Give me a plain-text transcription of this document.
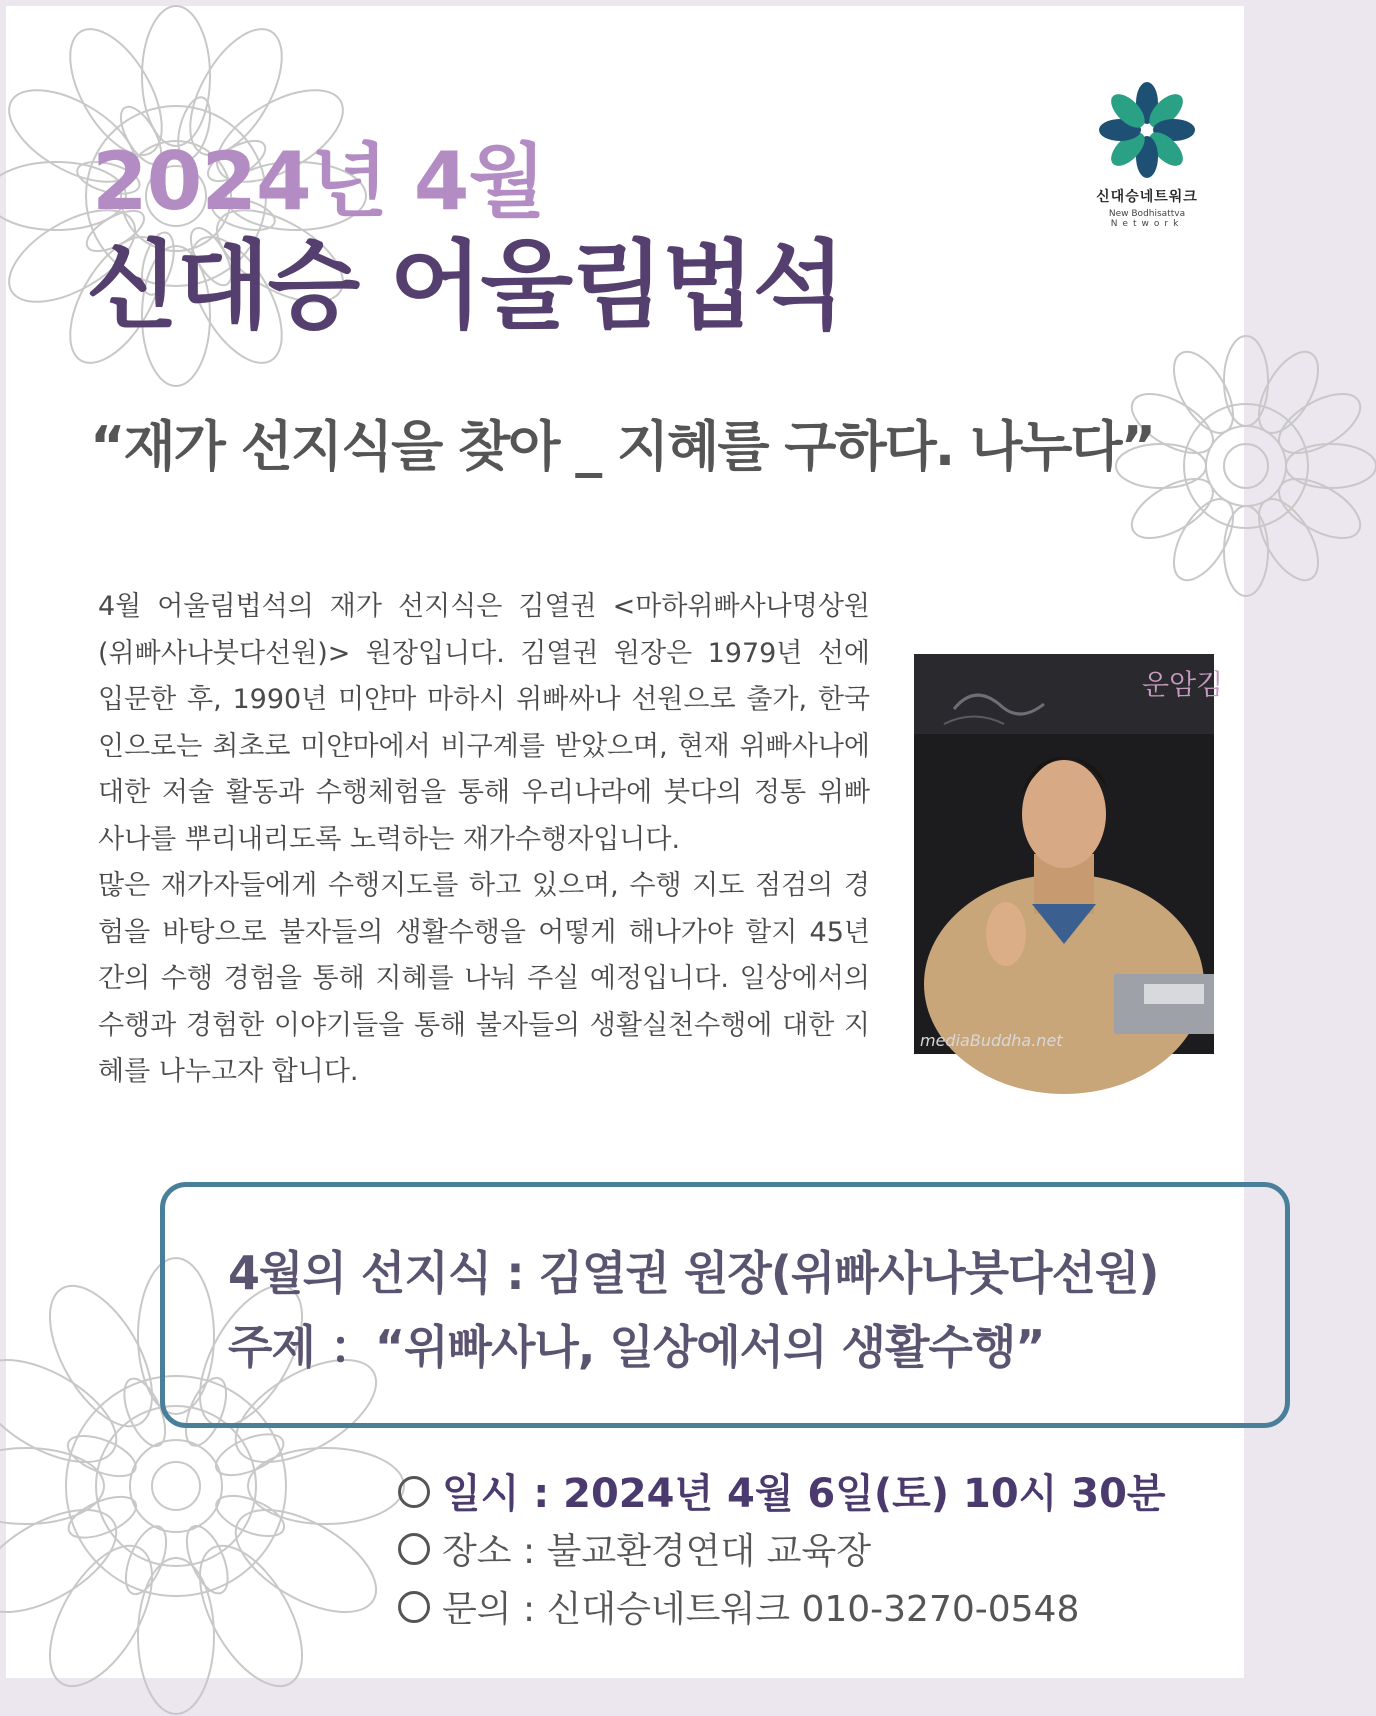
신대승네트워크
New Bodhisattva
Network
2024년 4월
신대승 어울림법석
“재가 선지식을 찾아 _ 지혜를 구하다. 나누다”

4월 어울림법석의 재가 선지식은 김열권 <마하위빠사나명상원 (위빠사나붓다선원)> 원장입니다. 김열권 원장은 1979년 선에 입문한 후, 1990년 미얀마 마하시 위빠싸나 선원으로 출가, 한국인으로는 최초로 미얀마에서 비구계를 받았으며, 현재 위빠사나에 대한 저술 활동과 수행체험을 통해 우리나라에 붓다의 정통 위빠사나를 뿌리내리도록 노력하는 재가수행자입니다.

많은 재가자들에게 수행지도를 하고 있으며, 수행 지도 점검의 경험을 바탕으로 불자들의 생활수행을 어떻게 해나가야 할지 45년간의 수행 경험을 통해 지혜를 나눠 주실 예정입니다. 일상에서의 수행과 경험한 이야기들을 통해 불자들의 생활실천수행에 대한 지혜를 나누고자 합니다.

운암김
mediaBuddha.net
4월의 선지식 : 김열권 원장(위빠사나붓다선원)
주제 ：“위빠사나, 일상에서의 생활수행”
일시 : 2024년 4월 6일(토) 10시 30분
장소 : 불교환경연대 교육장
문의 : 신대승네트워크 010-3270-0548
